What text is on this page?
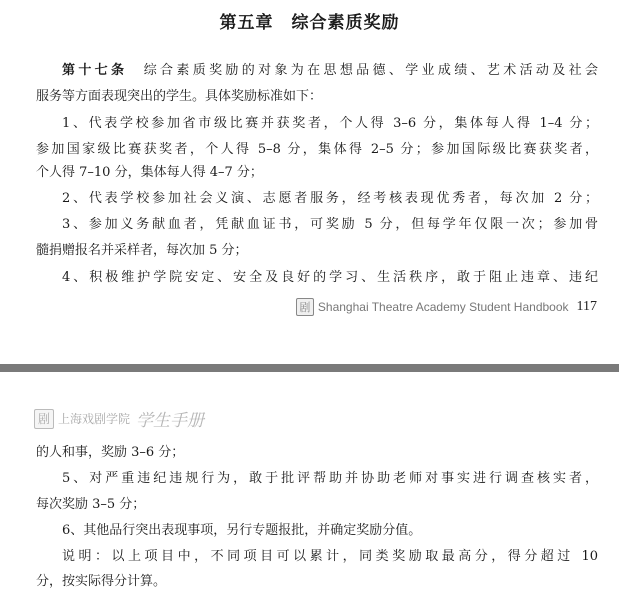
第五章　综合素质奖励
第十七条　 综合素质奖励的对象为在思想品德、学业成绩、艺术活动及社会
服务等方面表现突出的学生。具体奖励标准如下：
1、代表学校参加省市级比赛并获奖者，个人得 3–6 分，集体每人得 1–4 分；
参加国家级比赛获奖者，个人得 5–8 分，集体得 2–5 分；参加国际级比赛获奖者，
个人得 7–10 分，集体每人得 4–7 分；
2、代表学校参加社会义演、志愿者服务，经考核表现优秀者，每次加 2 分；
3、参加义务献血者，凭献血证书，可奖励 5 分，但每学年仅限一次；参加骨
髓捐赠报名并采样者，每次加 5 分；
4、积极维护学院安定、安全及良好的学习、生活秩序，敢于阻止违章、违纪
剧 Shanghai Theatre Academy Student Handbook 117
剧 上海戏剧学院 学生手册
的人和事，奖励 3–6 分；
5、对严重违纪违规行为，敢于批评帮助并协助老师对事实进行调查核实者，
每次奖励 3–5 分；
6、其他品行突出表现事项，另行专题报批，并确定奖励分值。
说明：以上项目中，不同项目可以累计，同类奖励取最高分，得分超过 10
分，按实际得分计算。
